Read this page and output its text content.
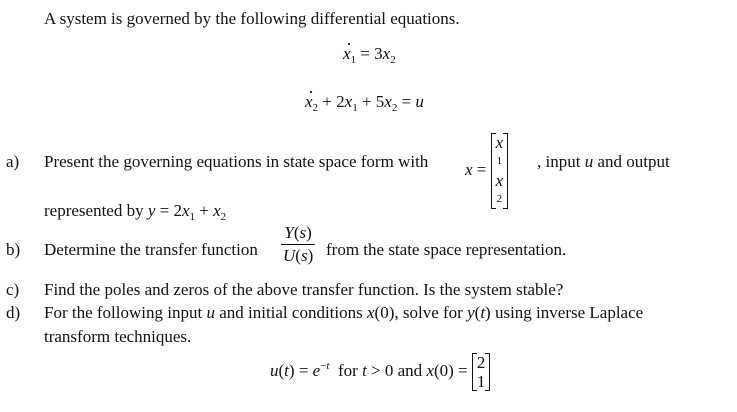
A system is governed by the following differential equations.
$x \cdot_1 = 3x_2$
$x \cdot_2 + 2x_1 + 5x_2 = u$
a) Present the governing equations in state space form with x =
x
1
x
2
, input u and output
represented by $y = 2x_1 + x_2$
b) Determine the transfer function $\frac{Y(s)}{U(s)}$ from the state space representation.
c) Find the poles and zeros of the above transfer function. Is the system stable?
d) For the following input u and initial conditions x(0), solve for y(t) using inverse Laplace
transform techniques.
$u(t) = e^{-t}$ for t > 0 and x(0) = 2
1
